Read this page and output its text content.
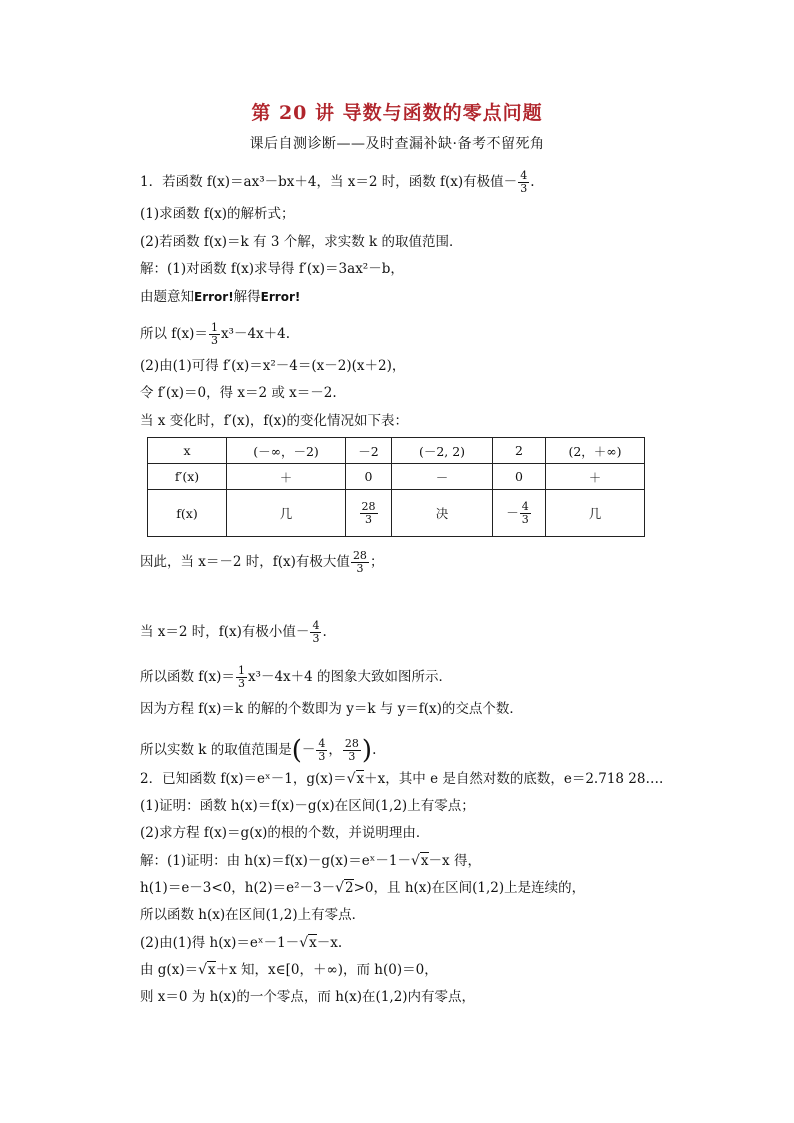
第 20 讲 导数与函数的零点问题
课后自测诊断——及时查漏补缺·备考不留死角
1．若函数 f(x)＝ax³－bx＋4，当 x＝2 时，函数 f(x)有极值－ $\frac{4}{3}$ .
(1)求函数 f(x)的解析式；
(2)若函数 f(x)＝k 有 3 个解，求实数 k 的取值范围．
解：(1)对函数 f(x)求导得 f′(x)＝3ax²－b，
由题意知Error!解得Error!
所以 $f(x)= \frac{1}{3} x^3-4x+4$.
(2)由(1)可得 f′(x)＝x²－4＝(x－2)(x＋2)，
令 f′(x)＝0，得 x＝2 或 x＝－2.
当 x 变化时，f′(x)，f(x)的变化情况如下表：
x	(－∞，－2)	－2	(－2, 2)	2	(2，＋∞)
f′(x)	＋	0	－	0	＋
f(x)	几	$\frac{28}{3}$	决	－ $\frac{4}{3}$	几
因此，当 x＝－2 时，f(x)有极大值 $\frac{28}{3}$ ；
当 x＝2 时，f(x)有极小值－ $\frac{4}{3}$ .
所以函数 $f(x)= \frac{1}{3} x^3-4x+4$ 的图象大致如图所示．
因为方程 f(x)＝k 的解的个数即为 y＝k 与 y＝f(x)的交点个数．
所以实数 k 的取值范围是(－ $\frac{4}{3}$ ， $\frac{28}{3}$ ).
2．已知函数 f(x)＝eˣ－1，g(x)＝√x＋x，其中 e 是自然对数的底数，e＝2.718 28….
(1)证明：函数 h(x)＝f(x)－g(x)在区间(1,2)上有零点；
(2)求方程 f(x)＝g(x)的根的个数，并说明理由．
解：(1)证明：由 h(x)＝f(x)－g(x)＝eˣ－1－√x－x 得，
h(1)＝e－3<0，h(2)＝e²－3－√2>0，且 h(x)在区间(1,2)上是连续的，
所以函数 h(x)在区间(1,2)上有零点．
(2)由(1)得 h(x)＝eˣ－1－√x－x.
由 g(x)＝√x＋x 知，x∈[0，＋∞)，而 h(0)＝0，
则 x＝0 为 h(x)的一个零点，而 h(x)在(1,2)内有零点，
